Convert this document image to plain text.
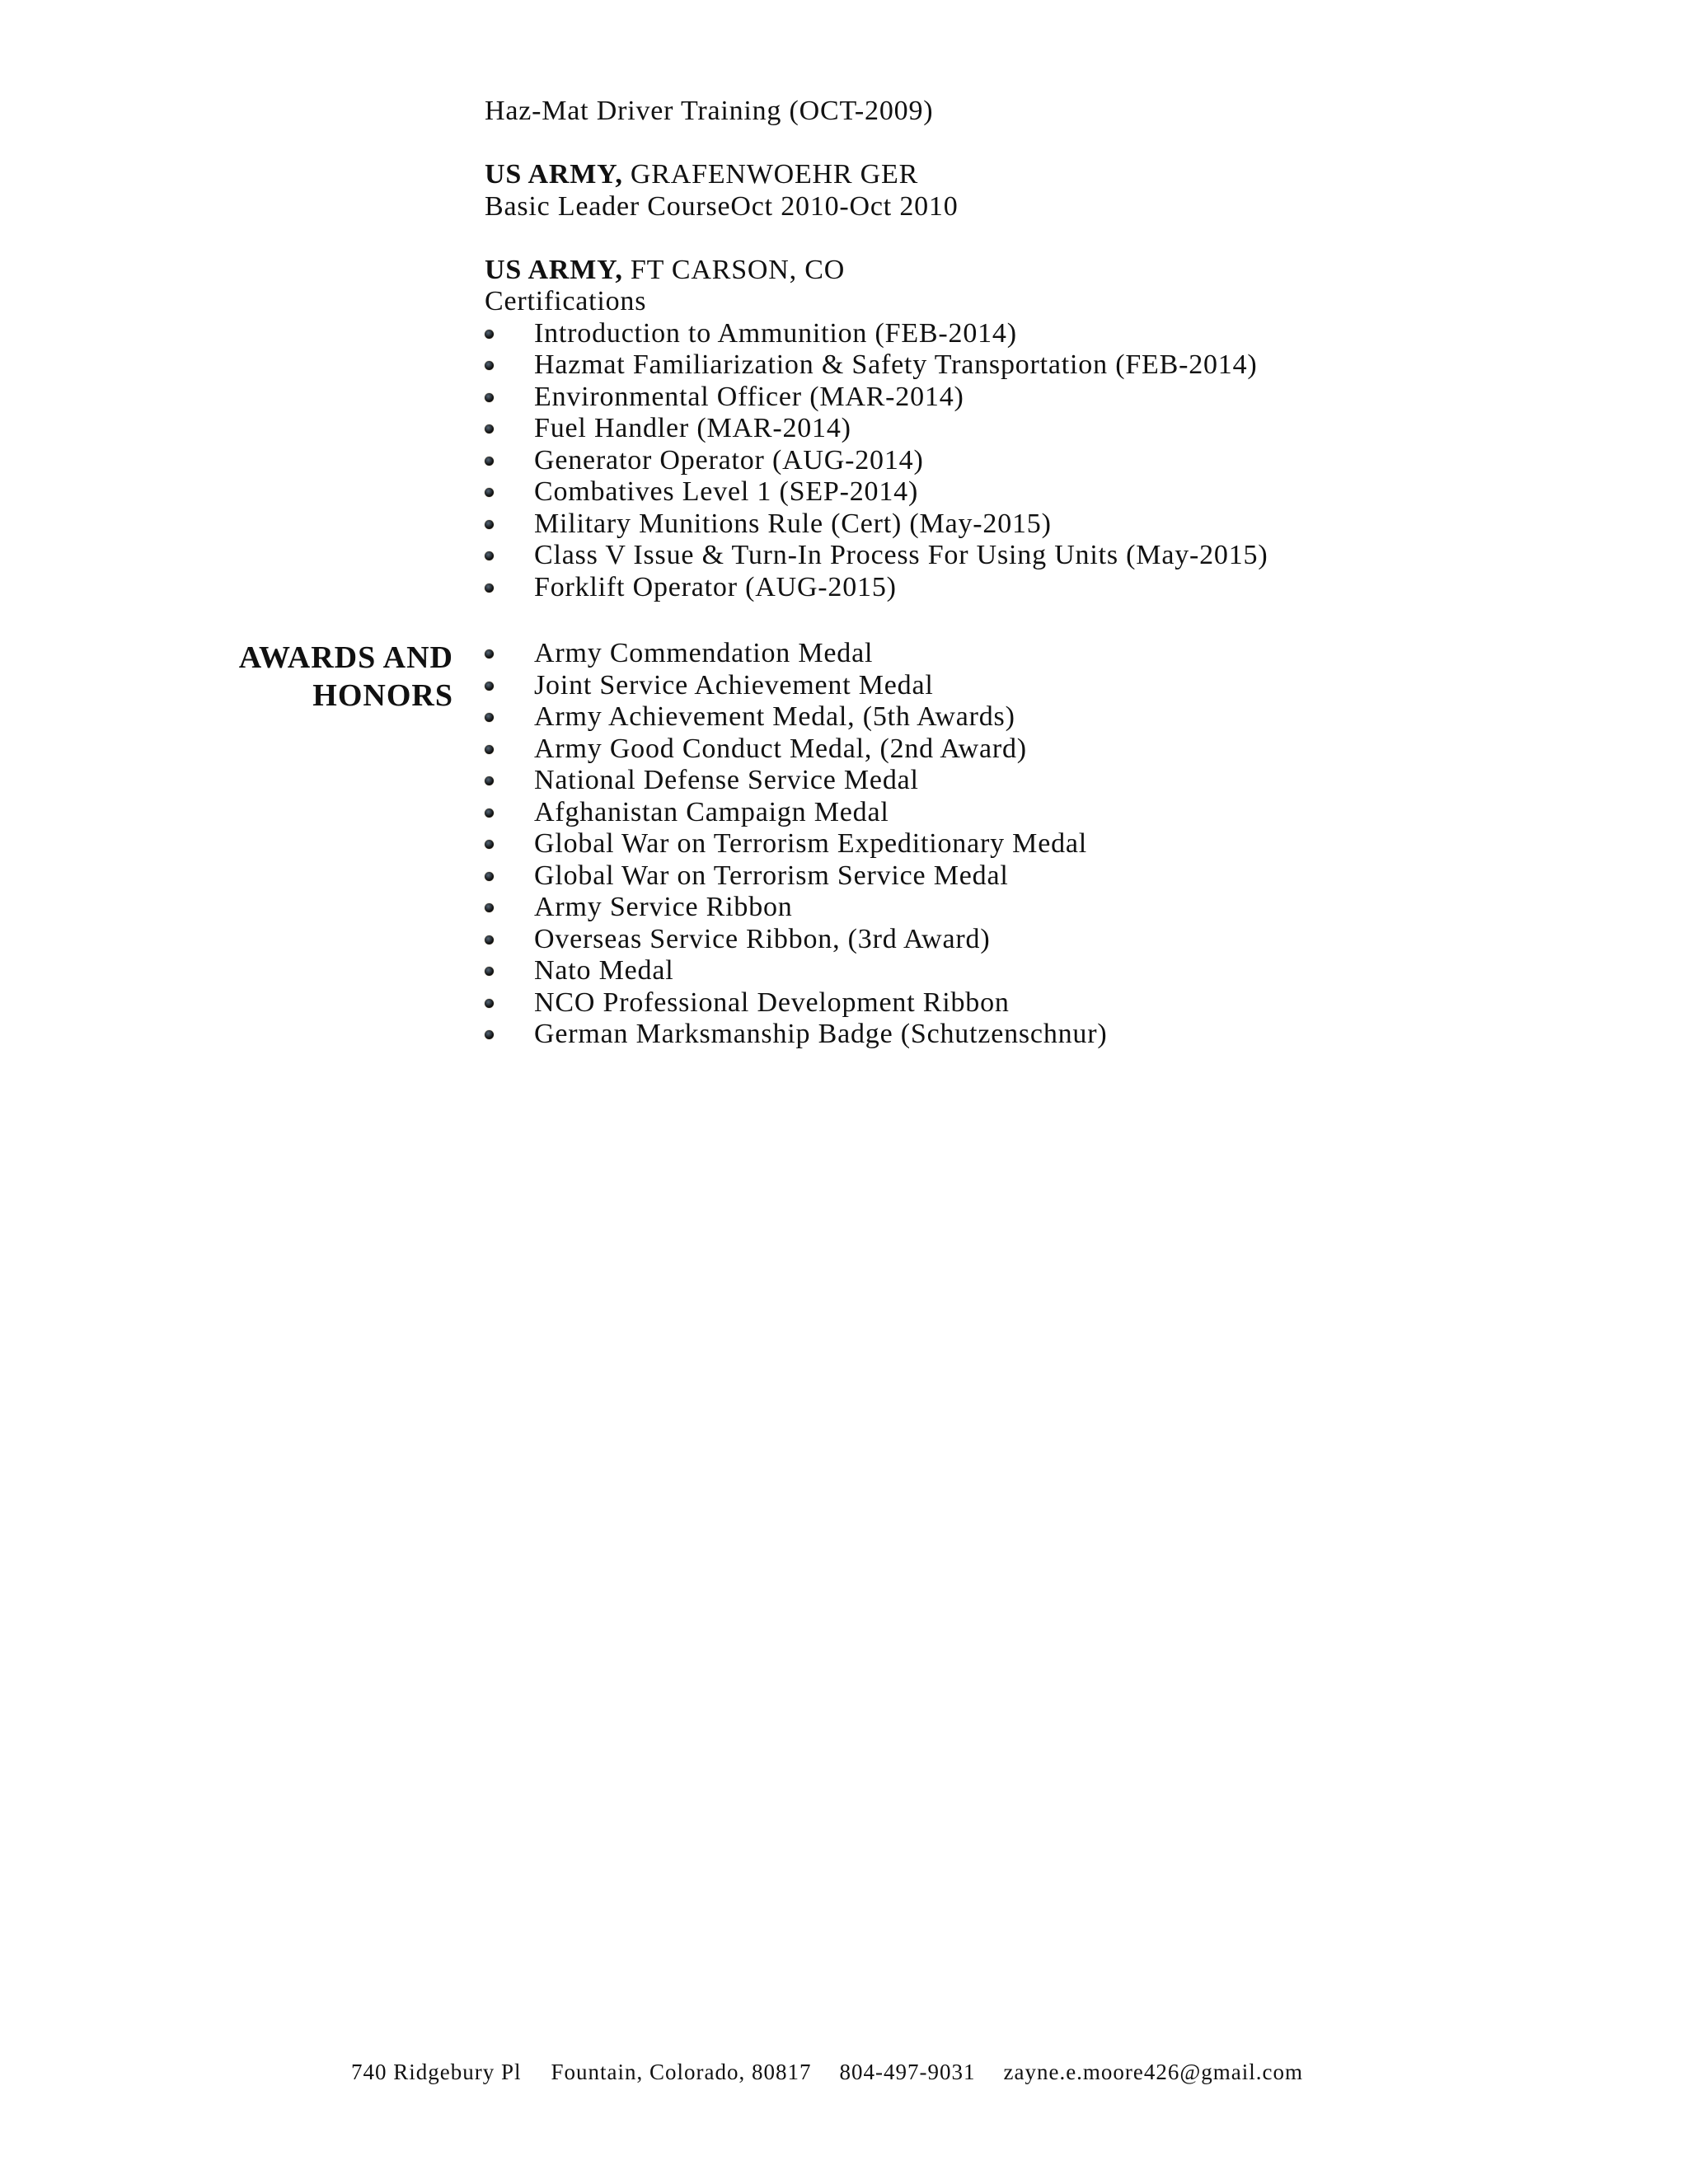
Haz-Mat Driver Training (OCT-2009)
US ARMY, GRAFENWOEHR GER
Basic Leader CourseOct 2010-Oct 2010
US ARMY, FT CARSON, CO
Certifications
Introduction to Ammunition (FEB-2014)
Hazmat Familiarization & Safety Transportation (FEB-2014)
Environmental Officer (MAR-2014)
Fuel Handler (MAR-2014)
Generator Operator (AUG-2014)
Combatives Level 1 (SEP-2014)
Military Munitions Rule (Cert) (May-2015)
Class V Issue & Turn-In Process For Using Units (May-2015)
Forklift Operator (AUG-2015)
AWARDS AND
HONORS
Army Commendation Medal
Joint Service Achievement Medal
Army Achievement Medal, (5th Awards)
Army Good Conduct Medal, (2nd Award)
National Defense Service Medal
Afghanistan Campaign Medal
Global War on Terrorism Expeditionary Medal
Global War on Terrorism Service Medal
Army Service Ribbon
Overseas Service Ribbon, (3rd Award)
Nato Medal
NCO Professional Development Ribbon
German Marksmanship Badge (Schutzenschnur)
740 Ridgebury Pl Fountain, Colorado, 80817 804-497-9031 zayne.e.moore426@gmail.com
